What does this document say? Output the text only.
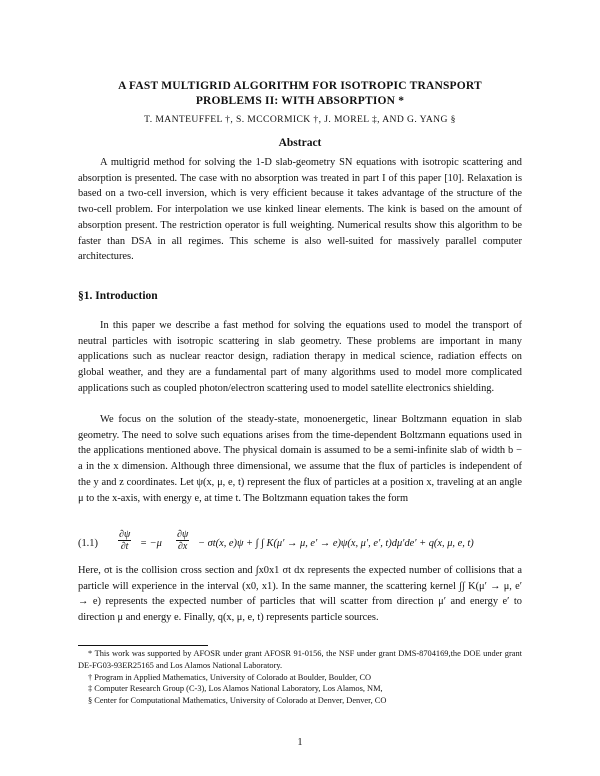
A FAST MULTIGRID ALGORITHM FOR ISOTROPIC TRANSPORT
PROBLEMS II: WITH ABSORPTION *
T. MANTEUFFEL †, S. MCCORMICK †, J. MOREL ‡, AND G. YANG §
Abstract

A multigrid method for solving the 1-D slab-geometry SN equations with isotropic scattering and absorption is presented. The case with no absorption was treated in part I of this paper [10]. Relaxation is based on a two-cell inversion, which is very efficient because it takes advantage of the structure of the two-cell problem. For interpolation we use kinked linear elements. The kink is based on the amount of absorption present. The restriction operator is full weighting. Numerical results show this algorithm to be faster than DSA in all regimes. This scheme is also well-suited for massively parallel computer architectures.

§1. Introduction

In this paper we describe a fast method for solving the equations used to model the transport of neutral particles with isotropic scattering in slab geometry. These problems are important in many applications such as nuclear reactor design, radiation therapy in medical science, radiation effects on global weather, and they are a fundamental part of many algorithms used to model more complicated applications such as coupled photon/electron scattering used to model satellite electronics shielding.

We focus on the solution of the steady-state, monoenergetic, linear Boltzmann equation in slab geometry. The need to solve such equations arises from the time-dependent Boltzmann equations used in the applications mentioned above. The physical domain is assumed to be a semi-infinite slab of width b − a in the x dimension. Although three dimensional, we assume that the flux of particles is independent of the y and z coordinates. Let ψ(x, μ, e, t) represent the flux of particles at a position x, traveling at an angle μ to the x-axis, with energy e, at time t. The Boltzmann equation takes the form

$(1.1) \frac{\partial\psi}{\partial t} = -\mu \frac{\partial\psi}{\partial x} - \sigma t(x$, e)ψ + ∫ ∫ K(μ′ → μ, e′ → e)ψ(x, μ′, e′, t)dμ′de′ + q(x, μ, e, t)

Here, σt is the collision cross section and ∫x0x1 σt dx represents the expected number of collisions that a particle will experience in the interval (x0, x1). In the same manner, the scattering kernel ∫∫ K(μ′ → μ, e′ → e) represents the expected number of particles that will scatter from direction μ′ and energy e′ to direction μ and energy e. Finally, q(x, μ, e, t) represents particle sources.

* This work was supported by AFOSR under grant AFOSR 91-0156, the NSF under grant DMS-8704169,the DOE under grant DE-FG03-93ER25165 and Los Alamos National Laboratory.

† Program in Applied Mathematics, University of Colorado at Boulder, Boulder, CO

‡ Computer Research Group (C-3), Los Alamos National Laboratory, Los Alamos, NM,

§ Center for Computational Mathematics, University of Colorado at Denver, Denver, CO

1
